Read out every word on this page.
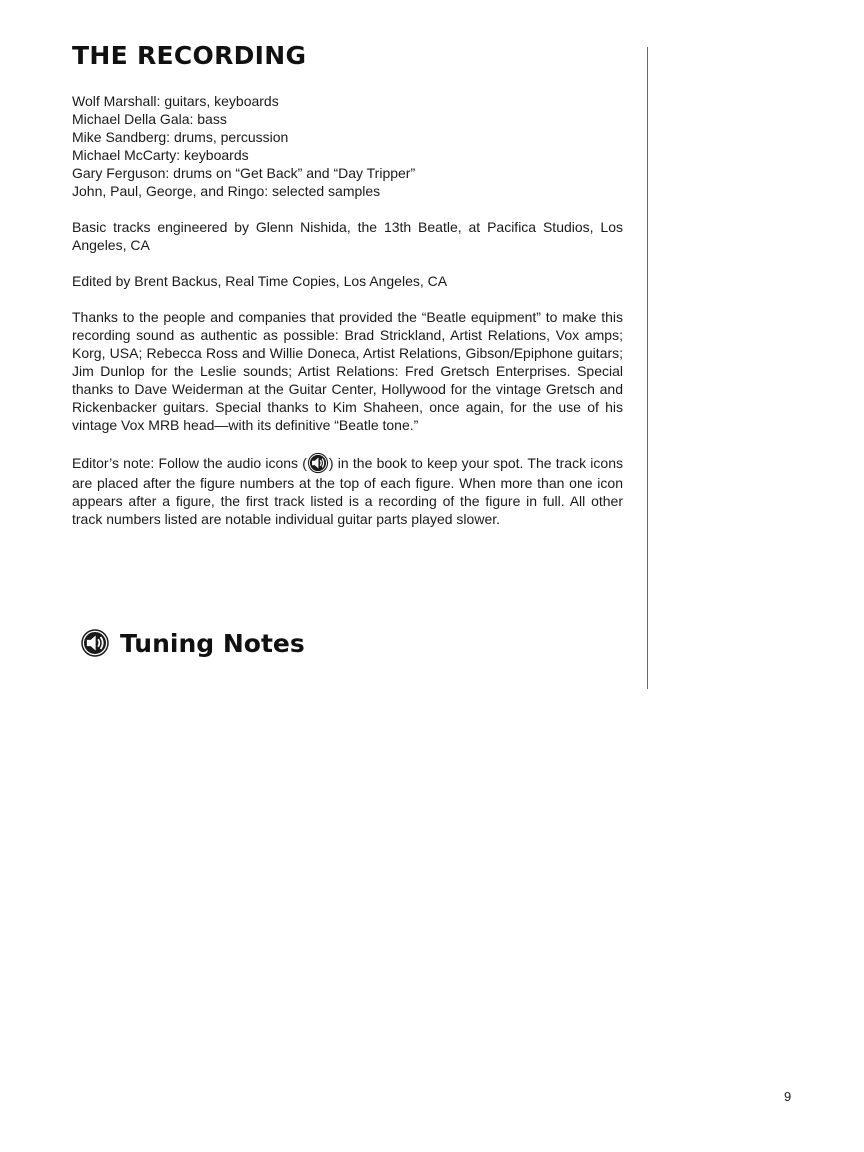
THE RECORDING
Wolf Marshall: guitars, keyboards
Michael Della Gala: bass
Mike Sandberg: drums, percussion
Michael McCarty: keyboards
Gary Ferguson: drums on “Get Back” and “Day Tripper”
John, Paul, George, and Ringo: selected samples

Basic tracks engineered by Glenn Nishida, the 13th Beatle, at Pacifica Studios, Los Angeles, CA

Edited by Brent Backus, Real Time Copies, Los Angeles, CA

Thanks to the people and companies that provided the “Beatle equipment” to make this recording sound as authentic as possible: Brad Strickland, Artist Relations, Vox amps; Korg, USA; Rebecca Ross and Willie Doneca, Artist Relations, Gibson/Epiphone guitars; Jim Dunlop for the Leslie sounds; Artist Relations: Fred Gretsch Enterprises. Special thanks to Dave Weiderman at the Guitar Center, Hollywood for the vintage Gretsch and Rickenbacker guitars. Special thanks to Kim Shaheen, once again, for the use of his vintage Vox MRB head—with its definitive “Beatle tone.”

Editor’s note: Follow the audio icons ( ) in the book to keep your spot. The track icons are placed after the figure numbers at the top of each figure. When more than one icon appears after a figure, the first track listed is a recording of the figure in full. All other track numbers listed are notable individual guitar parts played slower.

Tuning Notes
9
